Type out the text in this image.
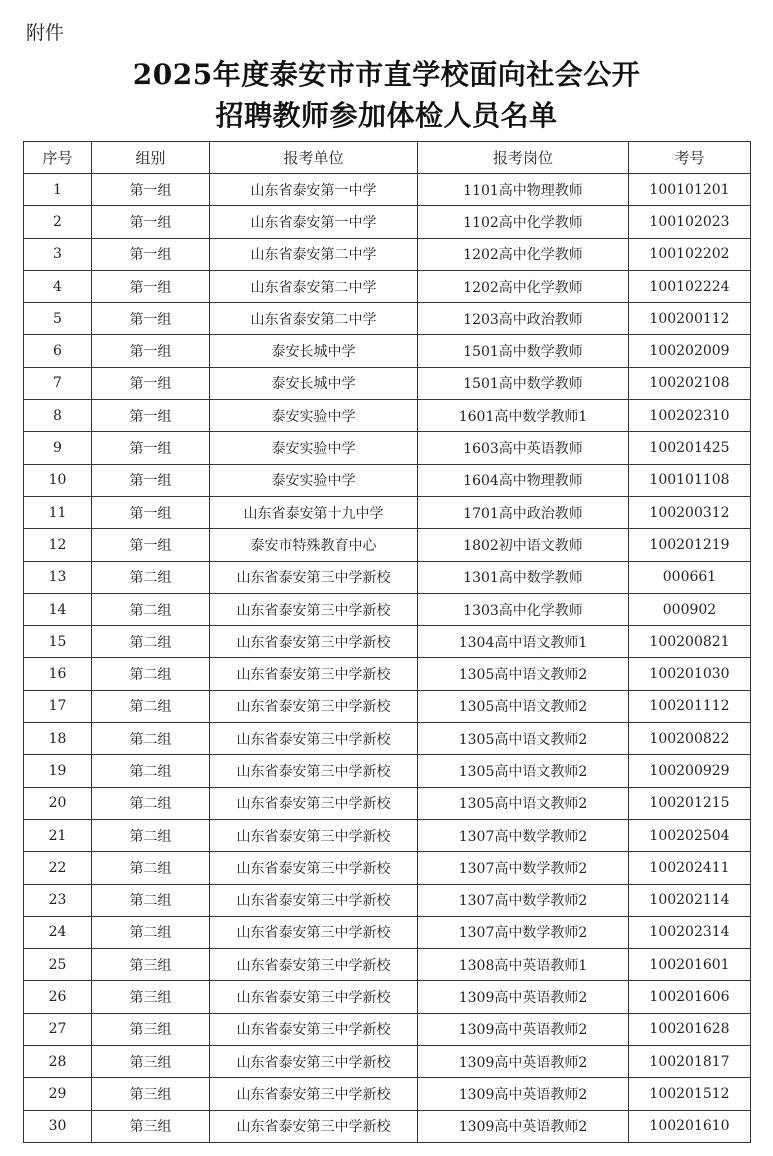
附件
2025年度泰安市市直学校面向社会公开
招聘教师参加体检人员名单
序号	组别	报考单位	报考岗位	考号
1	第一组	山东省泰安第一中学	1101高中物理教师	100101201
2	第一组	山东省泰安第一中学	1102高中化学教师	100102023
3	第一组	山东省泰安第二中学	1202高中化学教师	100102202
4	第一组	山东省泰安第二中学	1202高中化学教师	100102224
5	第一组	山东省泰安第二中学	1203高中政治教师	100200112
6	第一组	泰安长城中学	1501高中数学教师	100202009
7	第一组	泰安长城中学	1501高中数学教师	100202108
8	第一组	泰安实验中学	1601高中数学教师1	100202310
9	第一组	泰安实验中学	1603高中英语教师	100201425
10	第一组	泰安实验中学	1604高中物理教师	100101108
11	第一组	山东省泰安第十九中学	1701高中政治教师	100200312
12	第一组	泰安市特殊教育中心	1802初中语文教师	100201219
13	第二组	山东省泰安第三中学新校	1301高中数学教师	000661
14	第二组	山东省泰安第三中学新校	1303高中化学教师	000902
15	第二组	山东省泰安第三中学新校	1304高中语文教师1	100200821
16	第二组	山东省泰安第三中学新校	1305高中语文教师2	100201030
17	第二组	山东省泰安第三中学新校	1305高中语文教师2	100201112
18	第二组	山东省泰安第三中学新校	1305高中语文教师2	100200822
19	第二组	山东省泰安第三中学新校	1305高中语文教师2	100200929
20	第二组	山东省泰安第三中学新校	1305高中语文教师2	100201215
21	第二组	山东省泰安第三中学新校	1307高中数学教师2	100202504
22	第二组	山东省泰安第三中学新校	1307高中数学教师2	100202411
23	第二组	山东省泰安第三中学新校	1307高中数学教师2	100202114
24	第二组	山东省泰安第三中学新校	1307高中数学教师2	100202314
25	第三组	山东省泰安第三中学新校	1308高中英语教师1	100201601
26	第三组	山东省泰安第三中学新校	1309高中英语教师2	100201606
27	第三组	山东省泰安第三中学新校	1309高中英语教师2	100201628
28	第三组	山东省泰安第三中学新校	1309高中英语教师2	100201817
29	第三组	山东省泰安第三中学新校	1309高中英语教师2	100201512
30	第三组	山东省泰安第三中学新校	1309高中英语教师2	100201610
